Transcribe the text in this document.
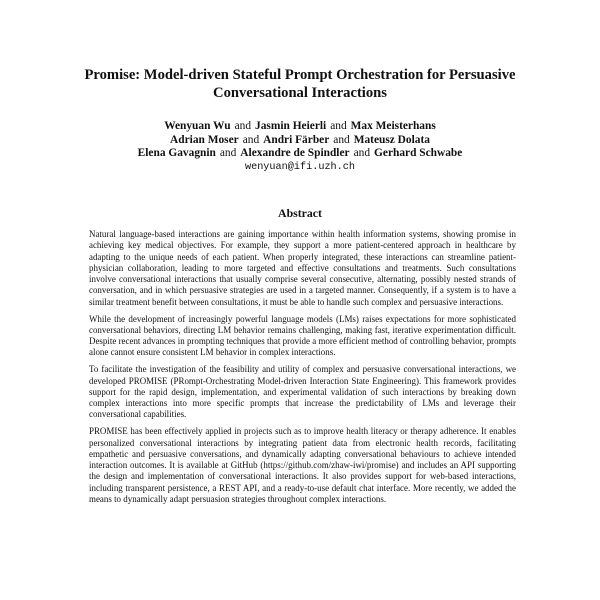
Promise: Model-driven Stateful Prompt Orchestration for Persuasive Conversational Interactions
Wenyuan Wu and Jasmin Heierli and Max Meisterhans
Adrian Moser and Andri Färber and Mateusz Dolata
Elena Gavagnin and Alexandre de Spindler and Gerhard Schwabe
wenyuan@ifi.uzh.ch
Abstract

Natural language-based interactions are gaining importance within health information systems, showing promise in achieving key medical objectives. For example, they support a more patient-centered approach in healthcare by adapting to the unique needs of each patient. When properly integrated, these interactions can streamline patient-physician collaboration, leading to more targeted and effective consultations and treatments. Such consultations involve conversational interactions that usually comprise several consecutive, alternating, possibly nested strands of conversation, and in which persuasive strategies are used in a targeted manner. Consequently, if a system is to have a similar treatment benefit between consultations, it must be able to handle such complex and persuasive interactions.

While the development of increasingly powerful language models (LMs) raises expectations for more sophisticated conversational behaviors, directing LM behavior remains challenging, making fast, iterative experimentation difficult. Despite recent advances in prompting techniques that provide a more efficient method of controlling behavior, prompts alone cannot ensure consistent LM behavior in complex interactions.

To facilitate the investigation of the feasibility and utility of complex and persuasive conversational interactions, we developed PROMISE (PRompt-Orchestrating Model-driven Interaction State Engineering). This framework provides support for the rapid design, implementation, and experimental validation of such interactions by breaking down complex interactions into more specific prompts that increase the predictability of LMs and leverage their conversational capabilities.

PROMISE has been effectively applied in projects such as to improve health literacy or therapy adherence. It enables personalized conversational interactions by integrating patient data from electronic health records, facilitating empathetic and persuasive conversations, and dynamically adapting conversational behaviours to achieve intended interaction outcomes. It is available at GitHub (https://github.com/zhaw-iwi/promise) and includes an API supporting the design and implementation of conversational interactions. It also provides support for web-based interactions, including transparent persistence, a REST API, and a ready-to-use default chat interface. More recently, we added the means to dynamically adapt persuasion strategies throughout complex interactions.
